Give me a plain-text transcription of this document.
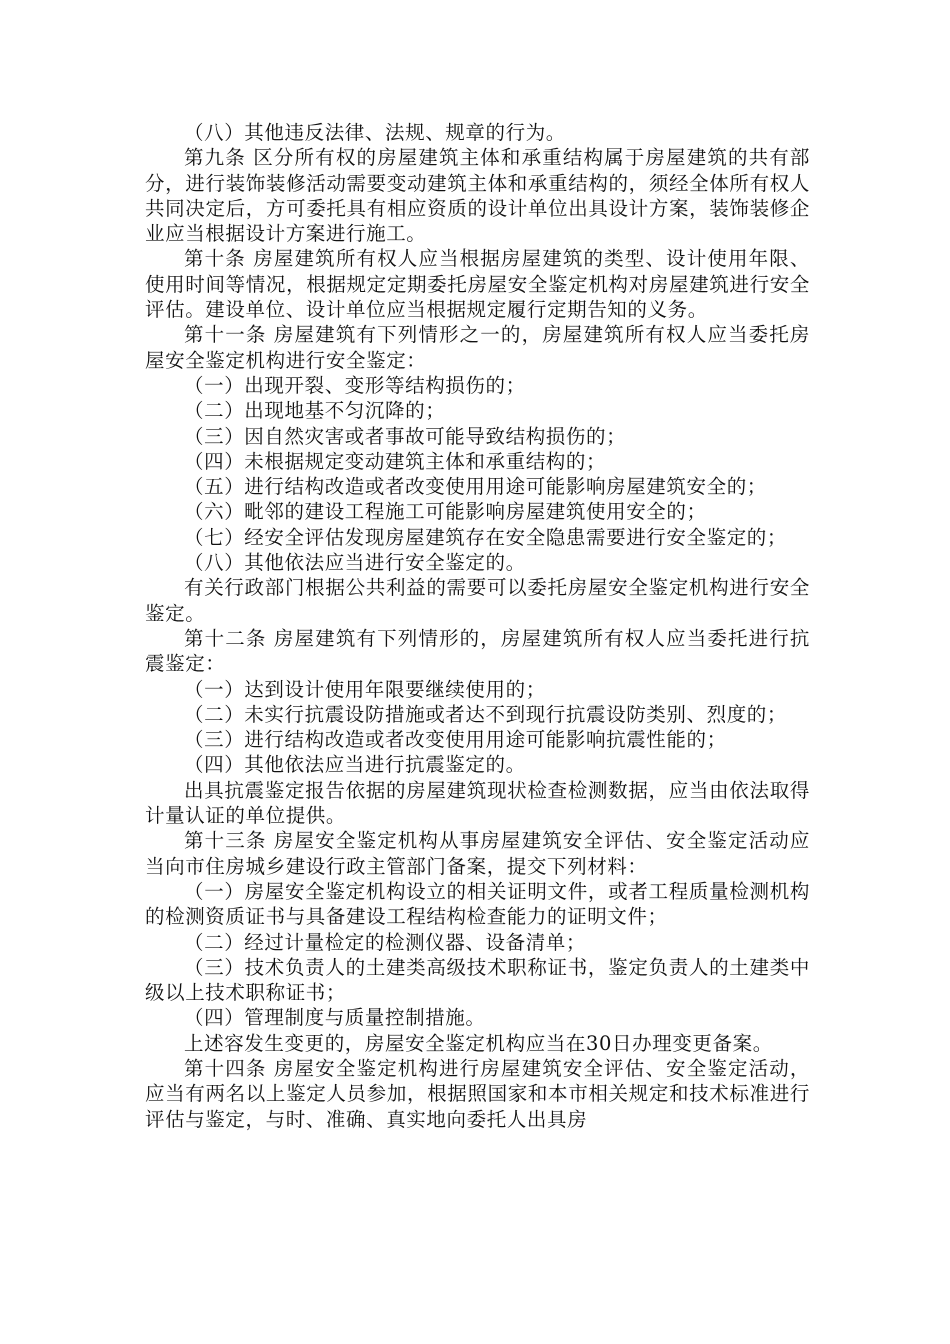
（八）其他违反法律、法规、规章的行为。

第九条 区分所有权的房屋建筑主体和承重结构属于房屋建筑的共有部分，进行装饰装修活动需要变动建筑主体和承重结构的，须经全体所有权人共同决定后，方可委托具有相应资质的设计单位出具设计方案，装饰装修企业应当根据设计方案进行施工。

第十条 房屋建筑所有权人应当根据房屋建筑的类型、设计使用年限、使用时间等情况，根据规定定期委托房屋安全鉴定机构对房屋建筑进行安全评估。建设单位、设计单位应当根据规定履行定期告知的义务。

第十一条 房屋建筑有下列情形之一的，房屋建筑所有权人应当委托房屋安全鉴定机构进行安全鉴定：

（一）出现开裂、变形等结构损伤的；

（二）出现地基不匀沉降的；

（三）因自然灾害或者事故可能导致结构损伤的；

（四）未根据规定变动建筑主体和承重结构的；

（五）进行结构改造或者改变使用用途可能影响房屋建筑安全的；

（六）毗邻的建设工程施工可能影响房屋建筑使用安全的；

（七）经安全评估发现房屋建筑存在安全隐患需要进行安全鉴定的；

（八）其他依法应当进行安全鉴定的。

有关行政部门根据公共利益的需要可以委托房屋安全鉴定机构进行安全鉴定。

第十二条 房屋建筑有下列情形的，房屋建筑所有权人应当委托进行抗震鉴定：

（一）达到设计使用年限要继续使用的；

（二）未实行抗震设防措施或者达不到现行抗震设防类别、烈度的；

（三）进行结构改造或者改变使用用途可能影响抗震性能的；

（四）其他依法应当进行抗震鉴定的。

出具抗震鉴定报告依据的房屋建筑现状检查检测数据，应当由依法取得计量认证的单位提供。

第十三条 房屋安全鉴定机构从事房屋建筑安全评估、安全鉴定活动应当向市住房城乡建设行政主管部门备案，提交下列材料：

（一）房屋安全鉴定机构设立的相关证明文件，或者工程质量检测机构的检测资质证书与具备建设工程结构检查能力的证明文件；

（二）经过计量检定的检测仪器、设备清单；

（三）技术负责人的土建类高级技术职称证书，鉴定负责人的土建类中级以上技术职称证书；

（四）管理制度与质量控制措施。

上述容发生变更的，房屋安全鉴定机构应当在30日办理变更备案。

第十四条 房屋安全鉴定机构进行房屋建筑安全评估、安全鉴定活动，应当有两名以上鉴定人员参加，根据照国家和本市相关规定和技术标准进行评估与鉴定，与时、准确、真实地向委托人出具房
